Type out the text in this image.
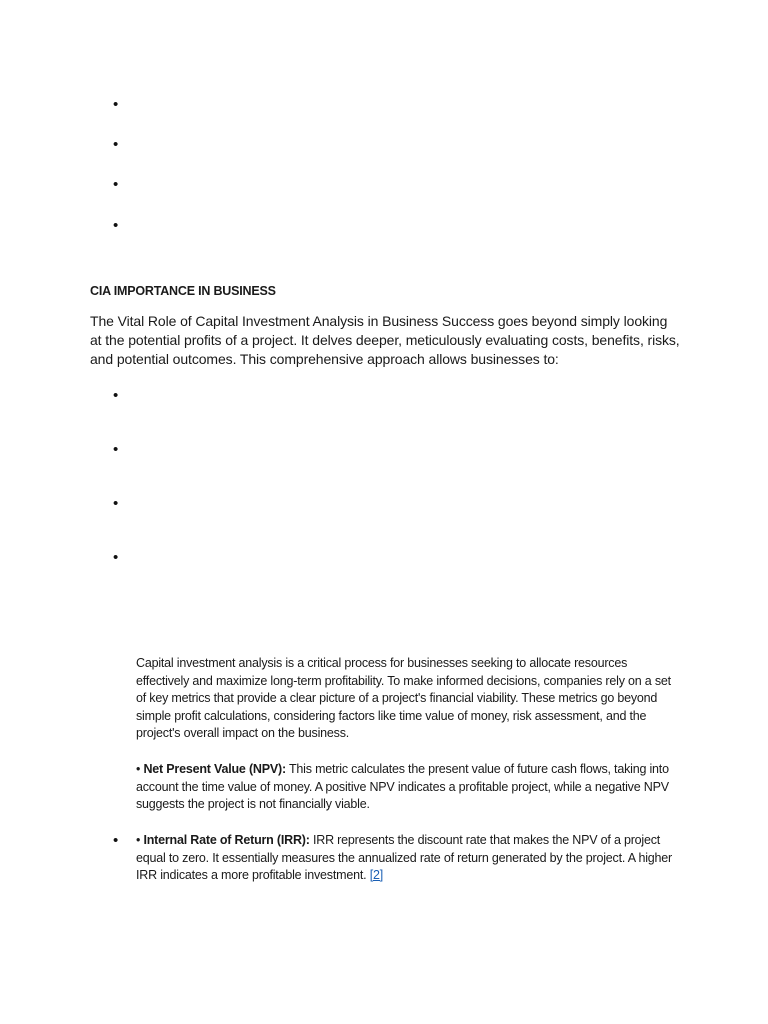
•
•
•
•
CIA IMPORTANCE IN BUSINESS
The Vital Role of Capital Investment Analysis in Business Success goes beyond simply looking at the potential profits of a project. It delves deeper, meticulously evaluating costs, benefits, risks, and potential outcomes. This comprehensive approach allows businesses to:
•
•
•
•
Capital investment analysis is a critical process for businesses seeking to allocate resources effectively and maximize long-term profitability. To make informed decisions, companies rely on a set of key metrics that provide a clear picture of a project's financial viability. These metrics go beyond simple profit calculations, considering factors like time value of money, risk assessment, and the project's overall impact on the business.
• Net Present Value (NPV): This metric calculates the present value of future cash flows, taking into account the time value of money. A positive NPV indicates a profitable project, while a negative NPV suggests the project is not financially viable.
• • Internal Rate of Return (IRR): IRR represents the discount rate that makes the NPV of a project equal to zero. It essentially measures the annualized rate of return generated by the project. A higher IRR indicates a more profitable investment. [2]
